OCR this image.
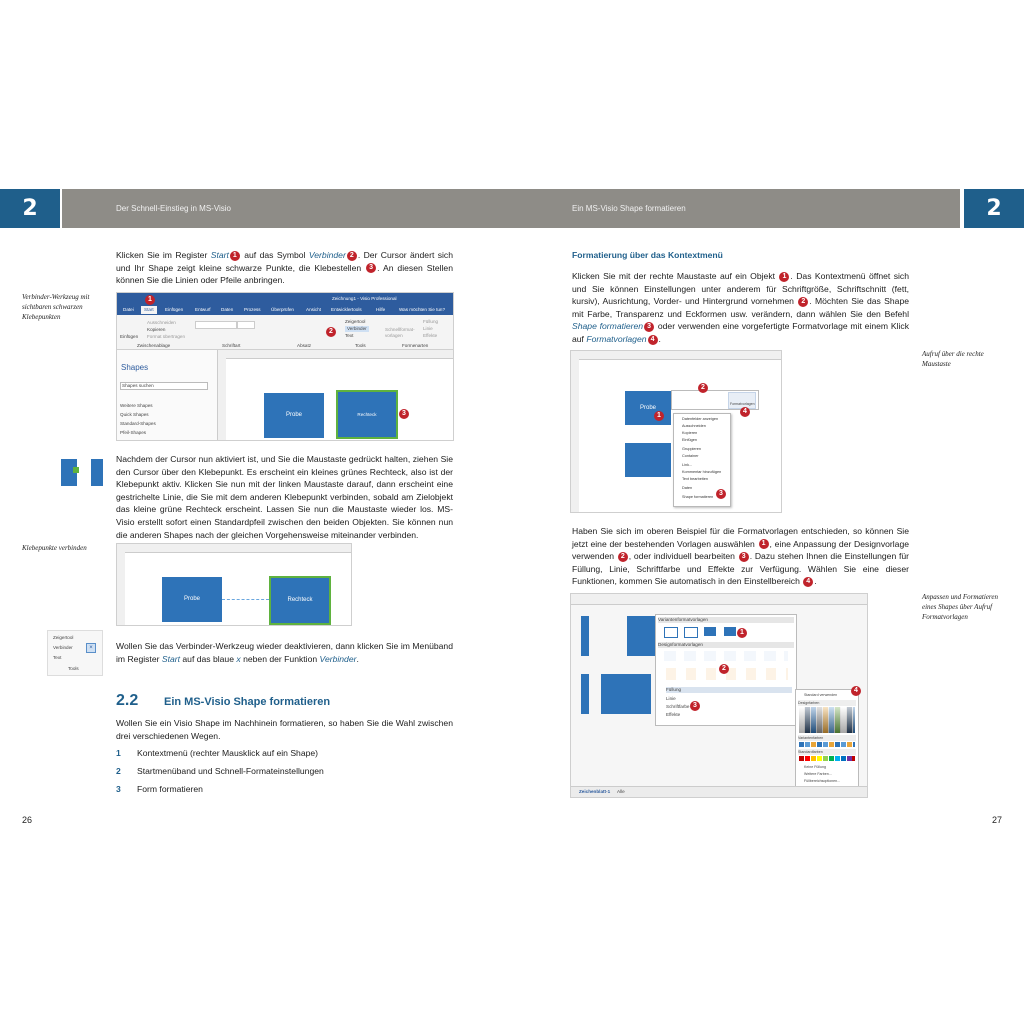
2	2
Der Schnell-Einstieg in MS-Visio	Ein MS-Visio Shape formatieren
Klicken Sie im Register Start 1 auf das Symbol Verbinder 2 . Der Cursor ändert sich und Ihr Shape zeigt kleine schwarze Punkte, die Klebestellen 3 . An diesen Stellen können Sie die Linien oder Pfeile anbringen.
Verbinder-Werkzeug mit sichtbaren schwarzen Klebepunkten
Zeichnung1 - Visio Professional
Datei	Start	Einfügen	Entwurf Daten Prozess Überprüfen	Ansicht Entwicklertools	Hilfe	Was möchten Sie tun?
Einfügen
Ausschneiden
Kopieren
Format übertragen
Zwischenablage	Schriftart	Absatz
Zeigertool
Verbinder
Text
Tools
Schnellformat-vorlagen
Füllung
Linie
Effekte
Formenarten
Shapes
Shapes suchen
Weitere Shapes
Quick Shapes
Standard-Shapes
Pfeil-Shapes
Probe	Rechteck
1
2
3
Nachdem der Cursor nun aktiviert ist, und Sie die Maustaste gedrückt halten, ziehen Sie den Cursor über den Klebepunkt. Es erscheint ein kleines grünes Rechteck, also ist der Klebepunkt aktiv. Klicken Sie nun mit der linken Maustaste darauf, dann erscheint eine gestrichelte Linie, die Sie mit dem anderen Klebepunkt verbinden, sobald am Zielobjekt das kleine grüne Rechteck erscheint. Lassen Sie nun die Maustaste wieder los. MS-Visio erstellt sofort einen Standardpfeil zwischen den beiden Objekten. Sie können nun die anderen Shapes nach der gleichen Vorgehensweise miteinander verbinden.
Klebepunkte verbinden
Probe	Rechteck
Zeigertool
Verbinder	×
Text
Tools
Wollen Sie das Verbinder-Werkzeug wieder deaktivieren, dann klicken Sie im Menüband im Register Start auf das blaue x neben der Funktion Verbinder.
2.2 Ein MS-Visio Shape formatieren
Wollen Sie ein Visio Shape im Nachhinein formatieren, so haben Sie die Wahl zwischen drei verschiedenen Wegen.
1 Kontextmenü (rechter Mausklick auf ein Shape)
2 Startmenüband und Schnell-Formateinstellungen
3 Form formatieren
26
Formatierung über das Kontextmenü
Klicken Sie mit der rechte Maustaste auf ein Objekt 1 . Das Kontextmenü öffnet sich und Sie können Einstellungen unter anderem für Schriftgröße, Schriftschnitt (fett, kursiv), Ausrichtung, Vorder- und Hintergrund vornehmen 2 . Möchten Sie das Shape mit Farbe, Transparenz und Eckformen usw. verändern, dann wählen Sie den Befehl Shape formatieren 3 oder verwenden eine vorgefertigte Formatvorlage mit einem Klick auf Formatvorlagen 4 .
Aufruf über die rechte Maustaste
Probe
Formatvorlagen
Datenfelder anzeigen
Ausschneiden
Kopieren
Einfügen
Gruppieren
Container
Link...
Kommentar hinzufügen
Text bearbeiten
Daten
Shape formatieren
1
2
3
4
Haben Sie sich im oberen Beispiel für die Formatvorlagen entschieden, so können Sie jetzt eine der bestehenden Vorlagen auswählen 1 , eine Anpassung der Designvorlage verwenden 2 , oder individuell bearbeiten 3 . Dazu stehen Ihnen die Einstellungen für Füllung, Linie, Schriftfarbe und Effekte zur Verfügung. Wählen Sie eine dieser Funktionen, kommen Sie automatisch in den Einstellbereich 4 .
Anpassen und Formatieren eines Shapes über Aufruf Formatvorlagen
Variantenformatvorlagen
Designformatvorlagen
Füllung
Linie
Schriftfarbe
Effekte
Standard verwenden
Designfarben
Variantenfarben
Standardfarben
Keine Füllung
Weitere Farben...
Füllbereichsoptionen...
Zeichenblatt-1 Alle
1
2
3
4
27
